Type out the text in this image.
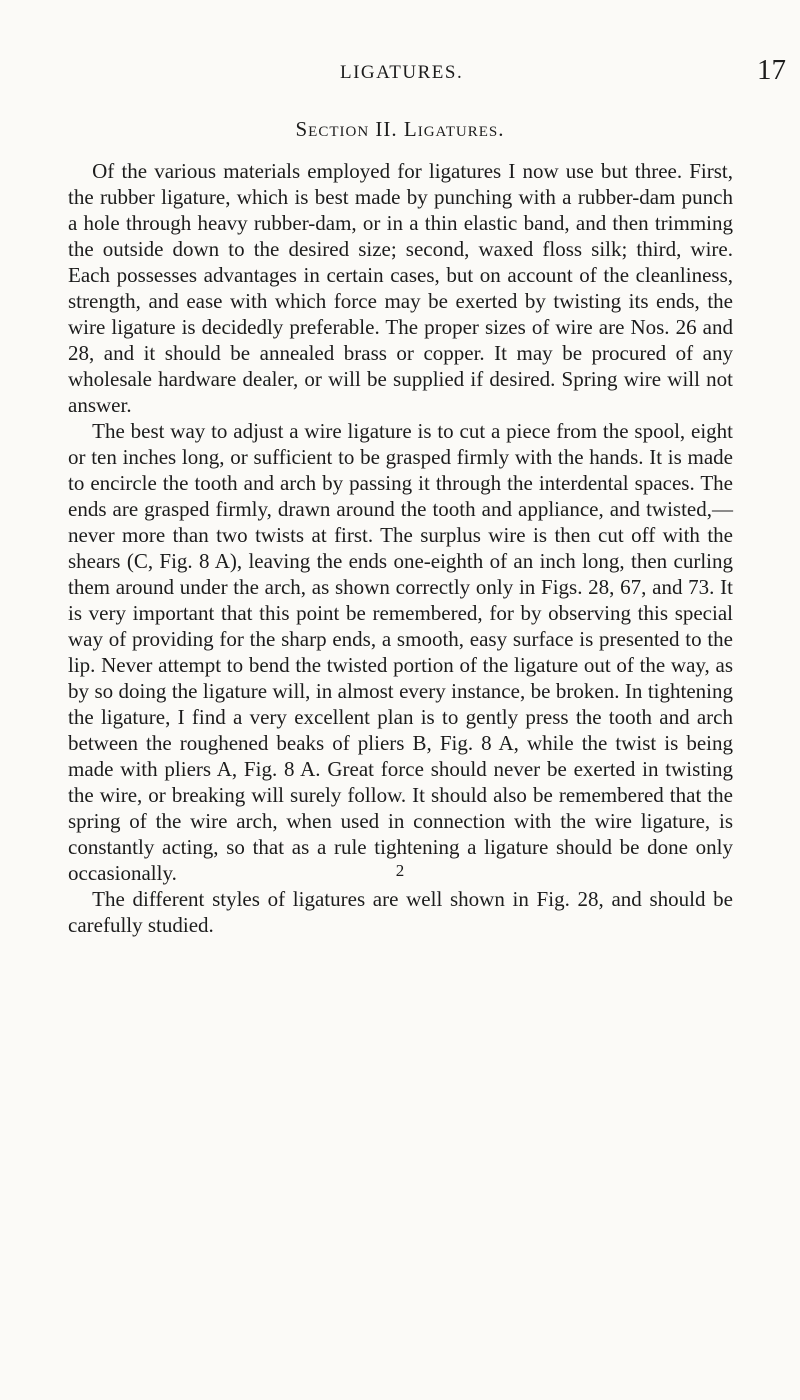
LIGATURES.	17
Section II. Ligatures.

Of the various materials employed for ligatures I now use but three. First, the rubber ligature, which is best made by punching with a rubber-dam punch a hole through heavy rubber-dam, or in a thin elastic band, and then trimming the outside down to the desired size; second, waxed floss silk; third, wire. Each possesses advantages in certain cases, but on account of the cleanliness, strength, and ease with which force may be exerted by twisting its ends, the wire ligature is decidedly preferable. The proper sizes of wire are Nos. 26 and 28, and it should be annealed brass or copper. It may be procured of any wholesale hardware dealer, or will be supplied if desired. Spring wire will not answer.

The best way to adjust a wire ligature is to cut a piece from the spool, eight or ten inches long, or sufficient to be grasped firmly with the hands. It is made to encircle the tooth and arch by passing it through the interdental spaces. The ends are grasped firmly, drawn around the tooth and appliance, and twisted,—never more than two twists at first. The surplus wire is then cut off with the shears (C, Fig. 8 A), leaving the ends one-eighth of an inch long, then curling them around under the arch, as shown correctly only in Figs. 28, 67, and 73. It is very important that this point be remembered, for by observing this special way of providing for the sharp ends, a smooth, easy surface is presented to the lip. Never attempt to bend the twisted portion of the ligature out of the way, as by so doing the ligature will, in almost every instance, be broken. In tightening the ligature, I find a very excellent plan is to gently press the tooth and arch between the roughened beaks of pliers B, Fig. 8 A, while the twist is being made with pliers A, Fig. 8 A. Great force should never be exerted in twisting the wire, or breaking will surely follow. It should also be remembered that the spring of the wire arch, when used in connection with the wire ligature, is constantly acting, so that as a rule tightening a ligature should be done only occasionally.

The different styles of ligatures are well shown in Fig. 28, and should be carefully studied.

2
